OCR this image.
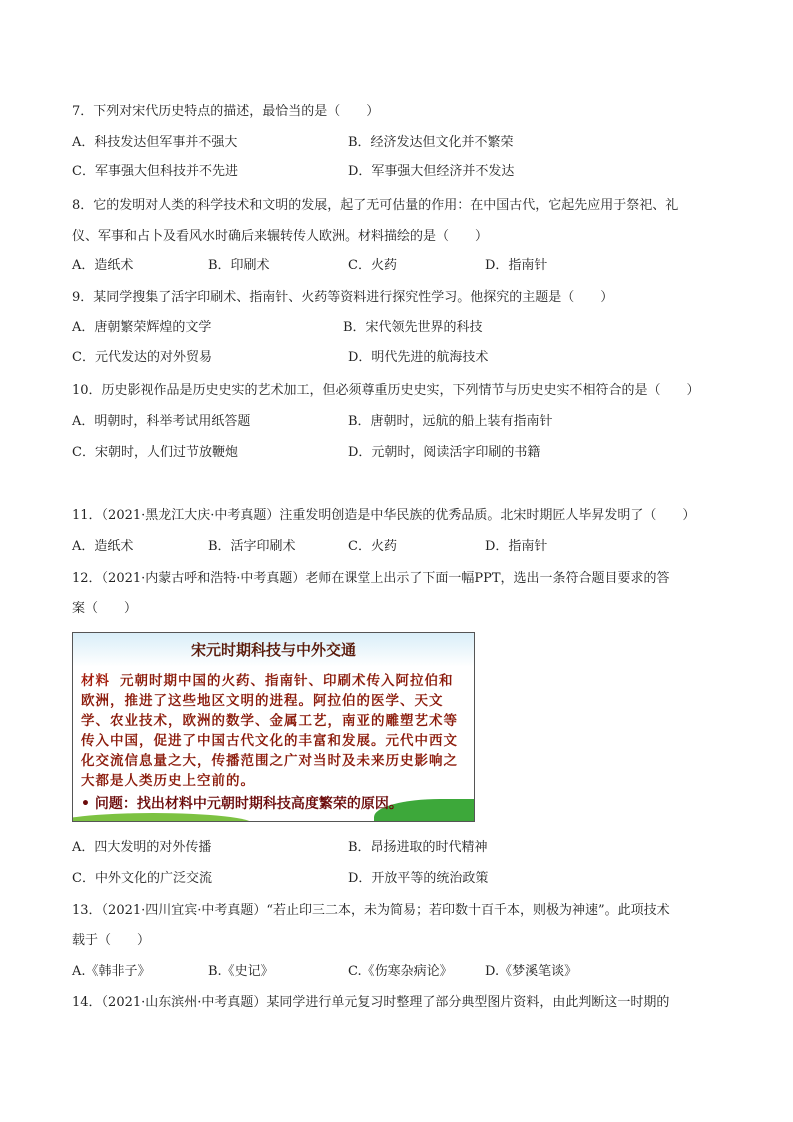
7．下列对宋代历史特点的描述，最恰当的是（　　）
A．科技发达但军事并不强大	B．经济发达但文化并不繁荣
C．军事强大但科技并不先进	D．军事强大但经济并不发达
8．它的发明对人类的科学技术和文明的发展，起了无可估量的作用：在中国古代，它起先应用于祭祀、礼
仪、军事和占卜及看风水时确后来辗转传人欧洲。材料描绘的是（　　）
A．造纸术	B．印刷术	C．火药	D．指南针
9．某同学搜集了活字印刷术、指南针、火药等资料进行探究性学习。他探究的主题是（　　）
A．唐朝繁荣辉煌的文学	B．宋代领先世界的科技
C．元代发达的对外贸易	D．明代先进的航海技术
10．历史影视作品是历史史实的艺术加工，但必须尊重历史史实，下列情节与历史史实不相符合的是（　　）
A．明朝时，科举考试用纸答题	B．唐朝时，远航的船上装有指南针
C．宋朝时，人们过节放鞭炮	D．元朝时，阅读活字印刷的书籍
11．（2021·黑龙江大庆·中考真题）注重发明创造是中华民族的优秀品质。北宋时期匠人毕昇发明了（　　）
A．造纸术	B．活字印刷术	C．火药	D．指南针
12．（2021·内蒙古呼和浩特·中考真题）老师在课堂上出示了下面一幅PPT，选出一条符合题目要求的答
案（　　）
宋元时期科技与中外交通
材料 元朝时期中国的火药、指南针、印刷术传入阿拉伯和欧洲，推进了这些地区文明的进程。阿拉伯的医学、天文学、农业技术，欧洲的数学、金属工艺，南亚的雕塑艺术等传入中国，促进了中国古代文化的丰富和发展。元代中西文化交流信息量之大，传播范围之广对当时及未来历史影响之大都是人类历史上空前的。
• 问题：找出材料中元朝时期科技高度繁荣的原因。
A．四大发明的对外传播	B．昂扬进取的时代精神
C．中外文化的广泛交流	D．开放平等的统治政策
13．（2021·四川宜宾·中考真题）“若止印三二本，未为简易；若印数十百千本，则极为神速”。此项技术
载于（　　）
A.《韩非子》	B.《史记》	C.《伤寒杂病论》 D.《梦溪笔谈》
14．（2021·山东滨州·中考真题）某同学进行单元复习时整理了部分典型图片资料，由此判断这一时期的
